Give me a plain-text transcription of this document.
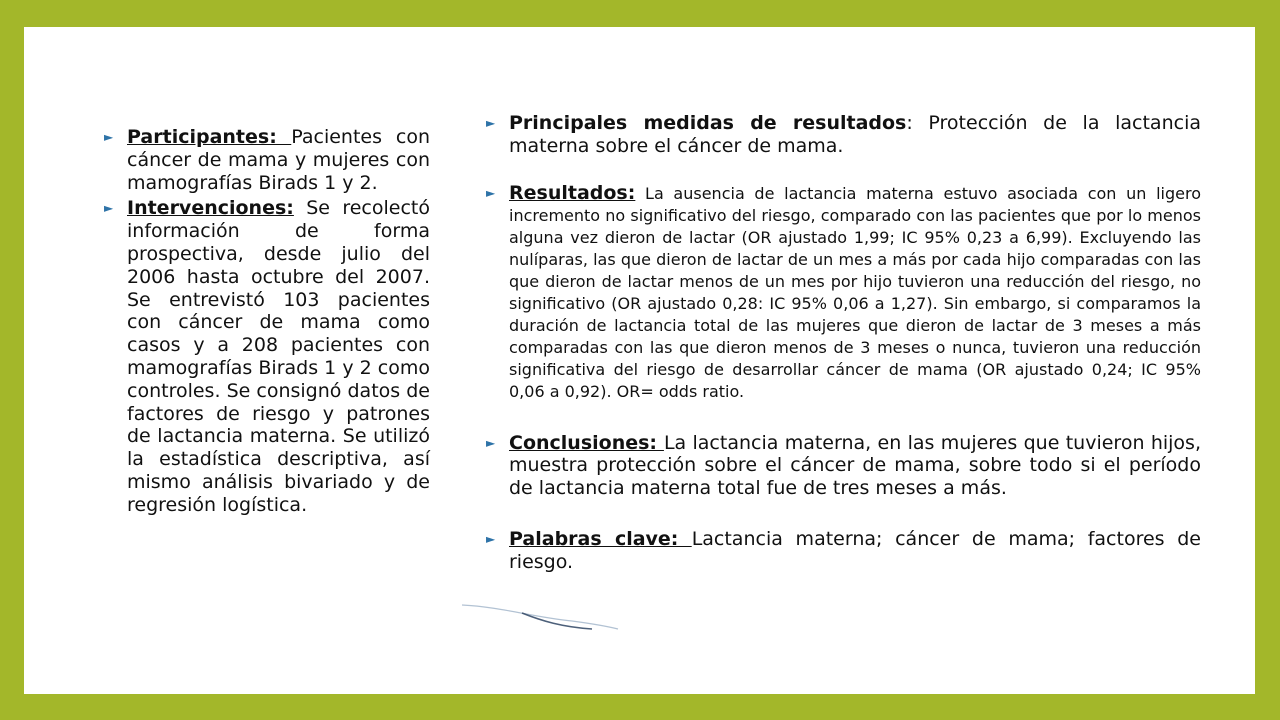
► Participantes: Pacientes con cáncer de mama y mujeres con mamografías Birads 1 y 2.
► Intervenciones: Se recolectó información de forma prospectiva, desde julio del 2006 hasta octubre del 2007. Se entrevistó 103 pacientes con cáncer de mama como casos y a 208 pacientes con mamografías Birads 1 y 2 como controles. Se consignó datos de factores de riesgo y patrones de lactancia materna. Se utilizó la estadística descriptiva, así mismo análisis bivariado y de regresión logística.
► Principales medidas de resultados: Protección de la lactancia materna sobre el cáncer de mama.
► Resultados: La ausencia de lactancia materna estuvo asociada con un ligero incremento no significativo del riesgo, comparado con las pacientes que por lo menos alguna vez dieron de lactar (OR ajustado 1,99; IC 95% 0,23 a 6,99). Excluyendo las nulíparas, las que dieron de lactar de un mes a más por cada hijo comparadas con las que dieron de lactar menos de un mes por hijo tuvieron una reducción del riesgo, no significativo (OR ajustado 0,28: IC 95% 0,06 a 1,27). Sin embargo, si comparamos la duración de lactancia total de las mujeres que dieron de lactar de 3 meses a más comparadas con las que dieron menos de 3 meses o nunca, tuvieron una reducción significativa del riesgo de desarrollar cáncer de mama (OR ajustado 0,24; IC 95% 0,06 a 0,92). OR= odds ratio.
► Conclusiones: La lactancia materna, en las mujeres que tuvieron hijos, muestra protección sobre el cáncer de mama, sobre todo si el período de lactancia materna total fue de tres meses a más.
► Palabras clave: Lactancia materna; cáncer de mama; factores de riesgo.
